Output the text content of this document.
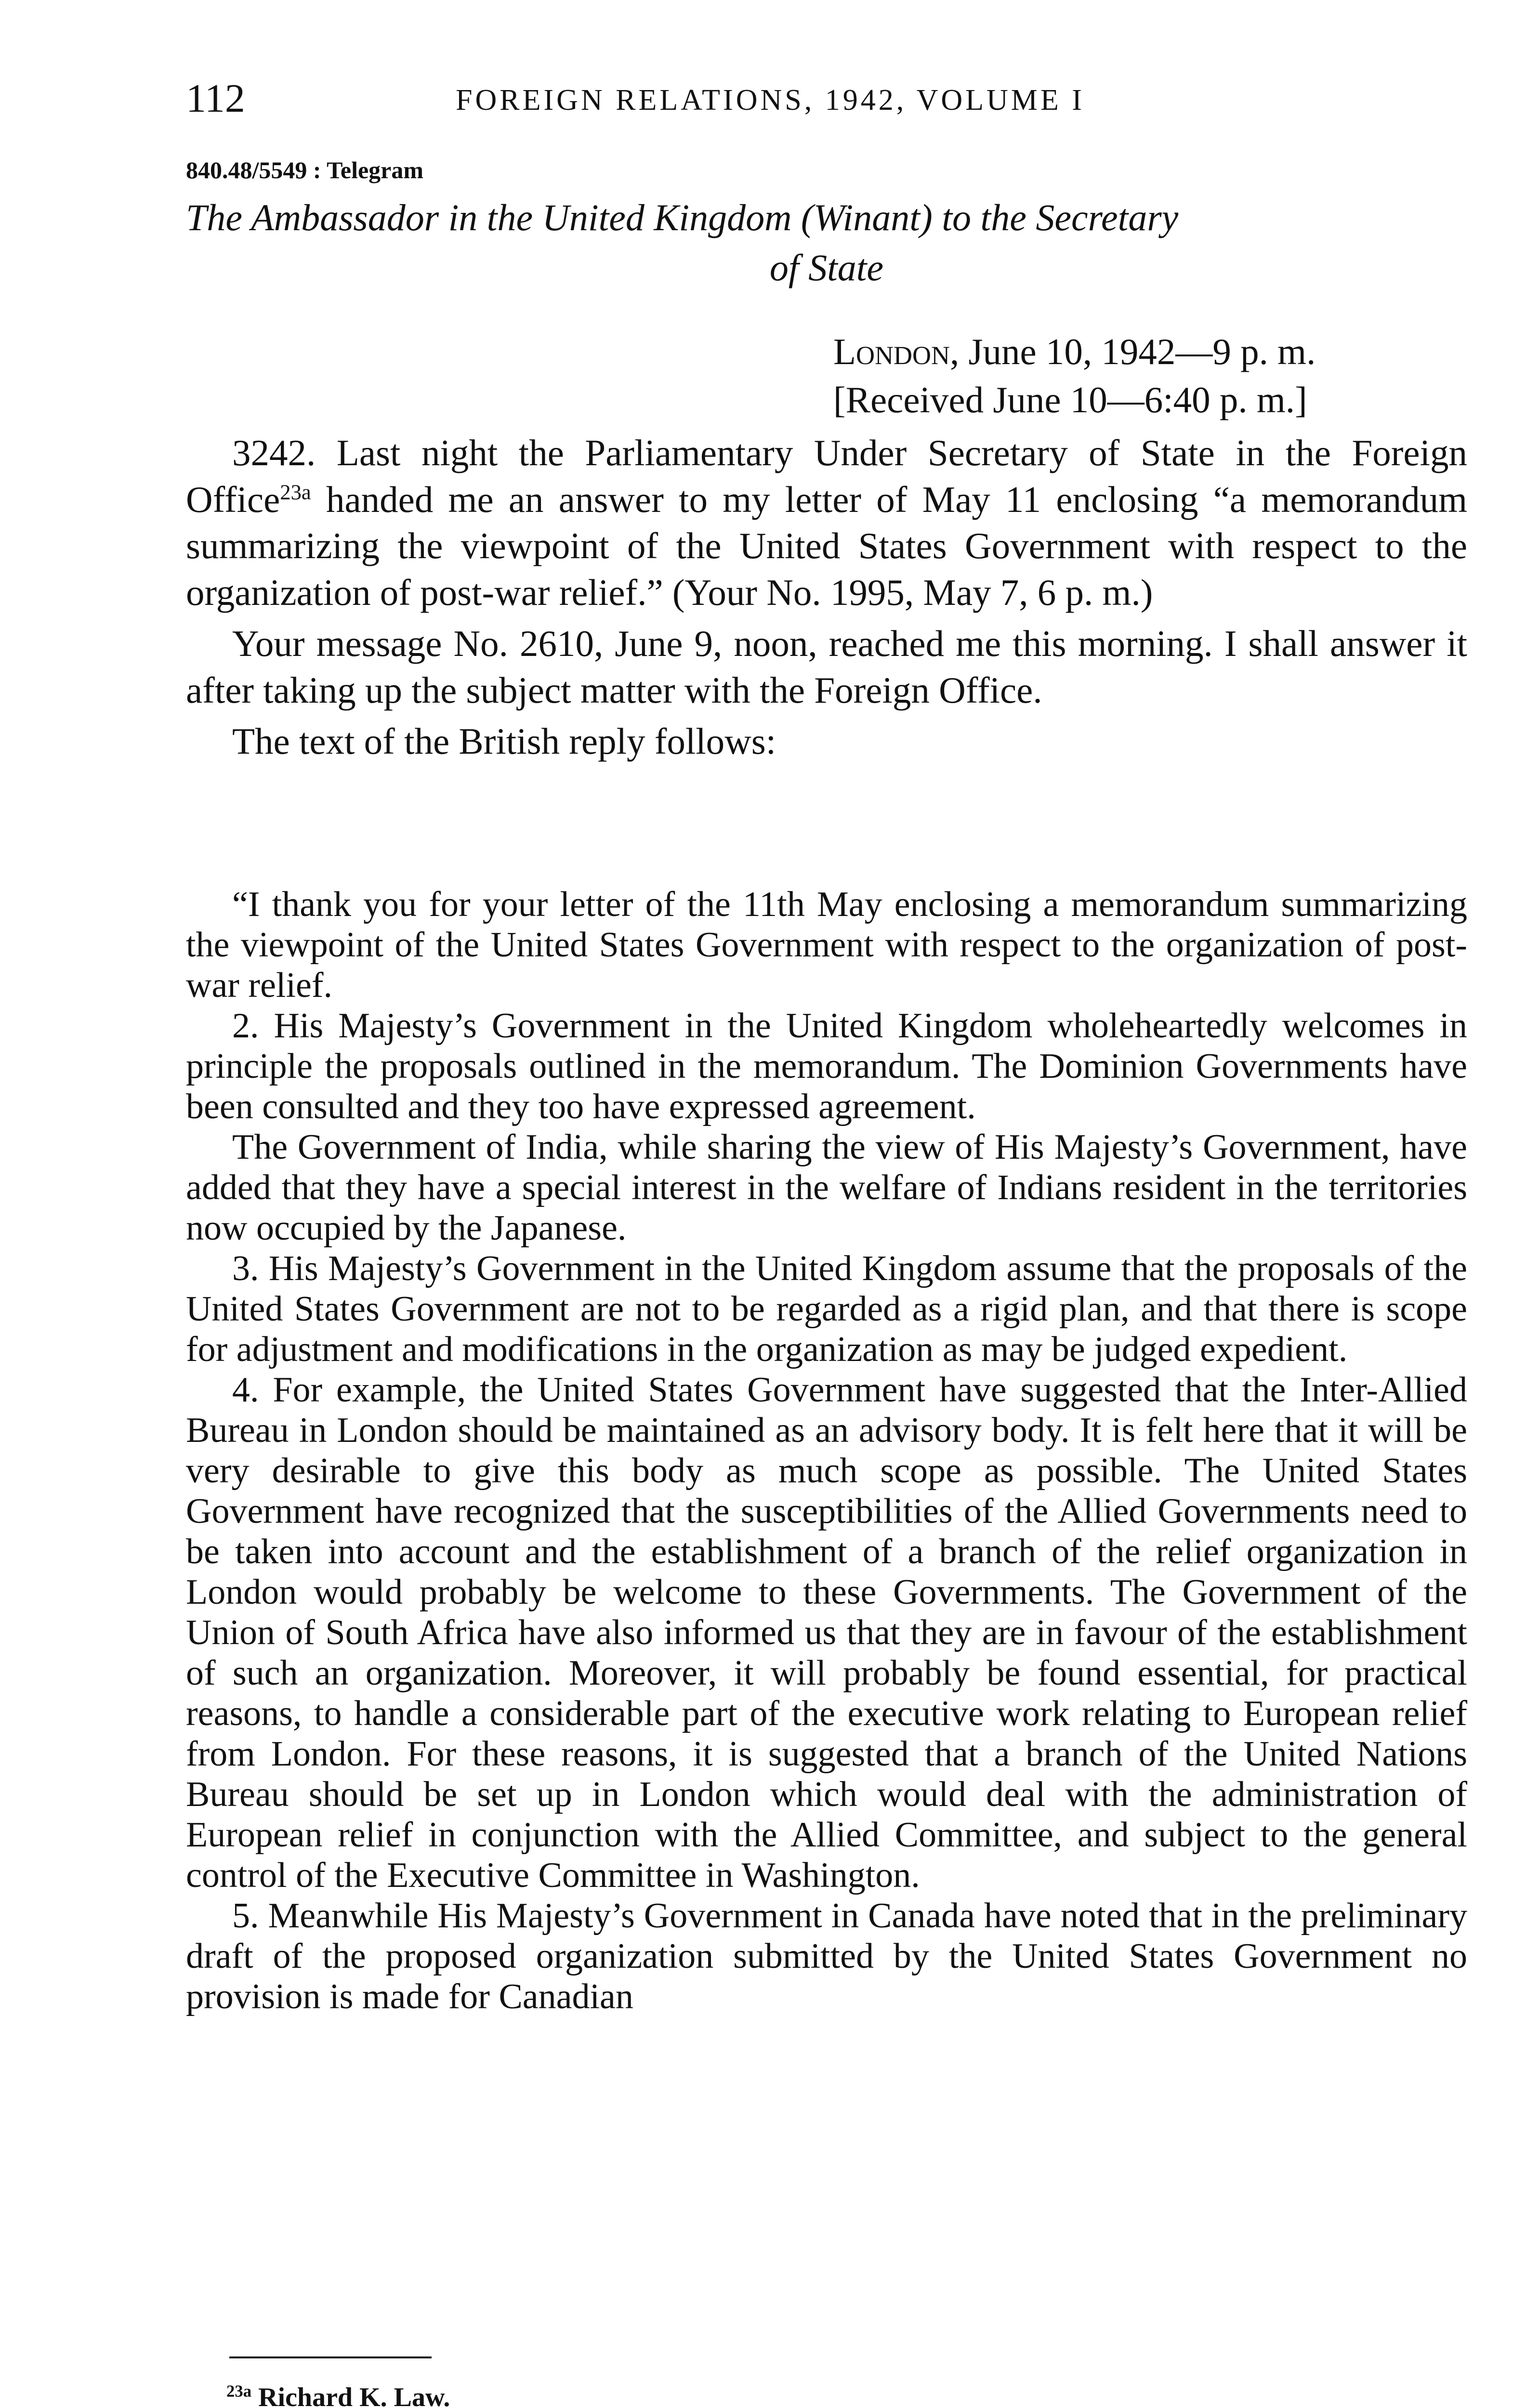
112	FOREIGN RELATIONS, 1942, VOLUME I
840.48/5549 : Telegram
The Ambassador in the United Kingdom (Winant) to the Secretary
of State
London, June 10, 1942—9 p. m.
[Received June 10—6:40 p. m.]

3242. Last night the Parliamentary Under Secretary of State in the Foreign Office$^{23a}$ handed me an answer to my letter of May 11 enclosing “a memorandum summarizing the viewpoint of the United States Government with respect to the organization of post-war relief.” (Your No. 1995, May 7, 6 p. m.)

Your message No. 2610, June 9, noon, reached me this morning. I shall answer it after taking up the subject matter with the Foreign Office.

The text of the British reply follows:

“I thank you for your letter of the 11th May enclosing a memorandum summarizing the viewpoint of the United States Government with respect to the organization of post-war relief.

2. His Majesty’s Government in the United Kingdom wholeheartedly welcomes in principle the proposals outlined in the memorandum. The Dominion Governments have been consulted and they too have expressed agreement.

The Government of India, while sharing the view of His Majesty’s Government, have added that they have a special interest in the welfare of Indians resident in the territories now occupied by the Japanese.

3. His Majesty’s Government in the United Kingdom assume that the proposals of the United States Government are not to be regarded as a rigid plan, and that there is scope for adjustment and modifications in the organization as may be judged expedient.

4. For example, the United States Government have suggested that the Inter-Allied Bureau in London should be maintained as an advisory body. It is felt here that it will be very desirable to give this body as much scope as possible. The United States Government have recognized that the susceptibilities of the Allied Governments need to be taken into account and the establishment of a branch of the relief organization in London would probably be welcome to these Governments. The Government of the Union of South Africa have also informed us that they are in favour of the establishment of such an organization. Moreover, it will probably be found essential, for practical reasons, to handle a considerable part of the executive work relating to European relief from London. For these reasons, it is suggested that a branch of the United Nations Bureau should be set up in London which would deal with the administration of European relief in conjunction with the Allied Committee, and subject to the general control of the Executive Committee in Washington.

5. Meanwhile His Majesty’s Government in Canada have noted that in the preliminary draft of the proposed organization submitted by the United States Government no provision is made for Canadian

$^{23a}$ Richard K. Law.
